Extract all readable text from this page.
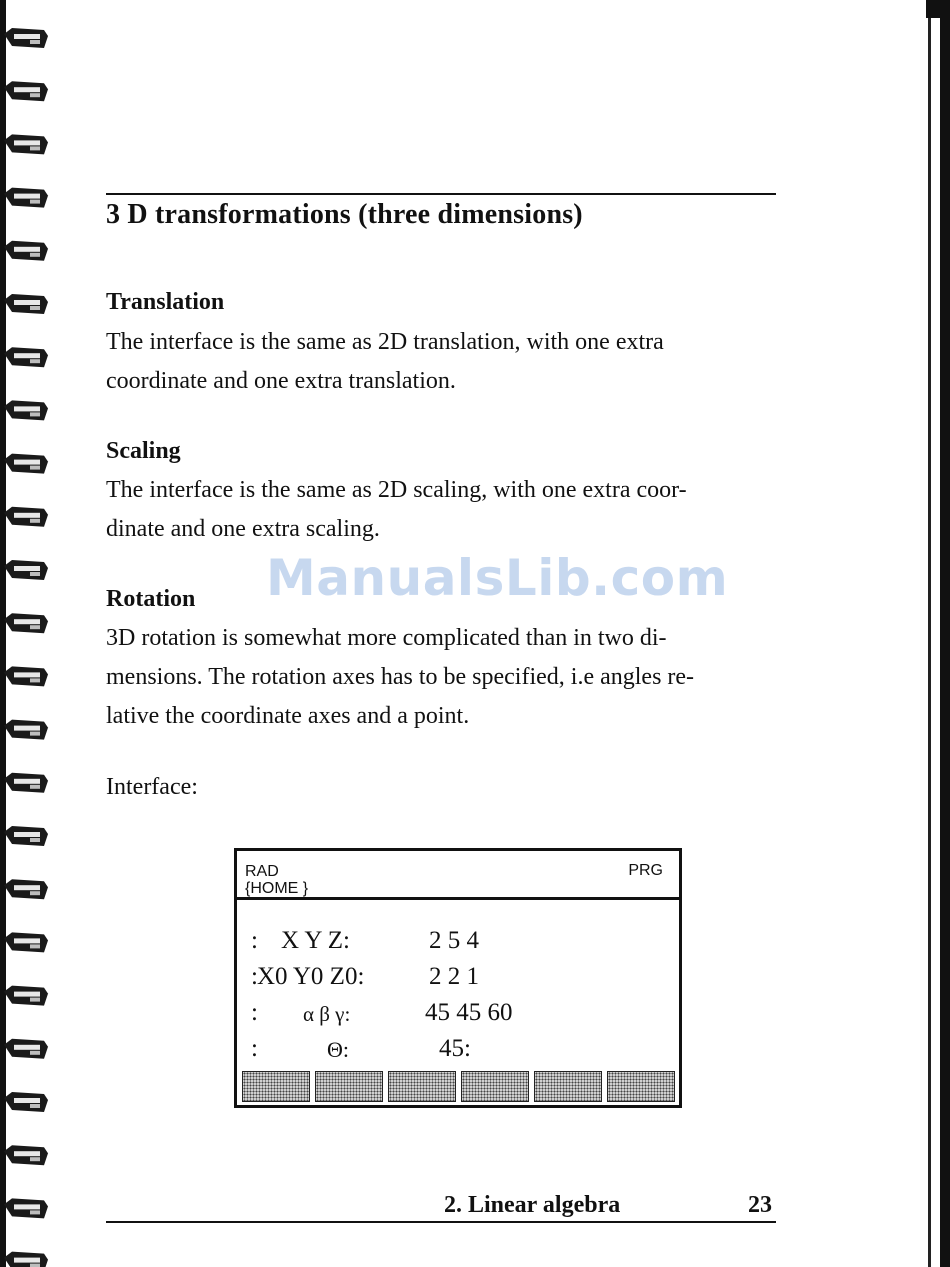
3 D transformations (three dimensions)
Translation
The interface is the same as 2D translation, with one extra
coordinate and one extra translation.
Scaling
The interface is the same as 2D scaling, with one extra coor-
dinate and one extra scaling.
ManualsLib.com
Rotation
3D rotation is somewhat more complicated than in two di-
mensions. The rotation axes has to be specified, i.e angles re-
lative the coordinate axes and a point.
Interface:
RAD
{HOME }
PRG
: X Y Z:	2 5 4
: X0 Y0 Z0:	2 2 1
: α β γ:	45 45 60
:	Θ:	45:
2. Linear algebra	23
